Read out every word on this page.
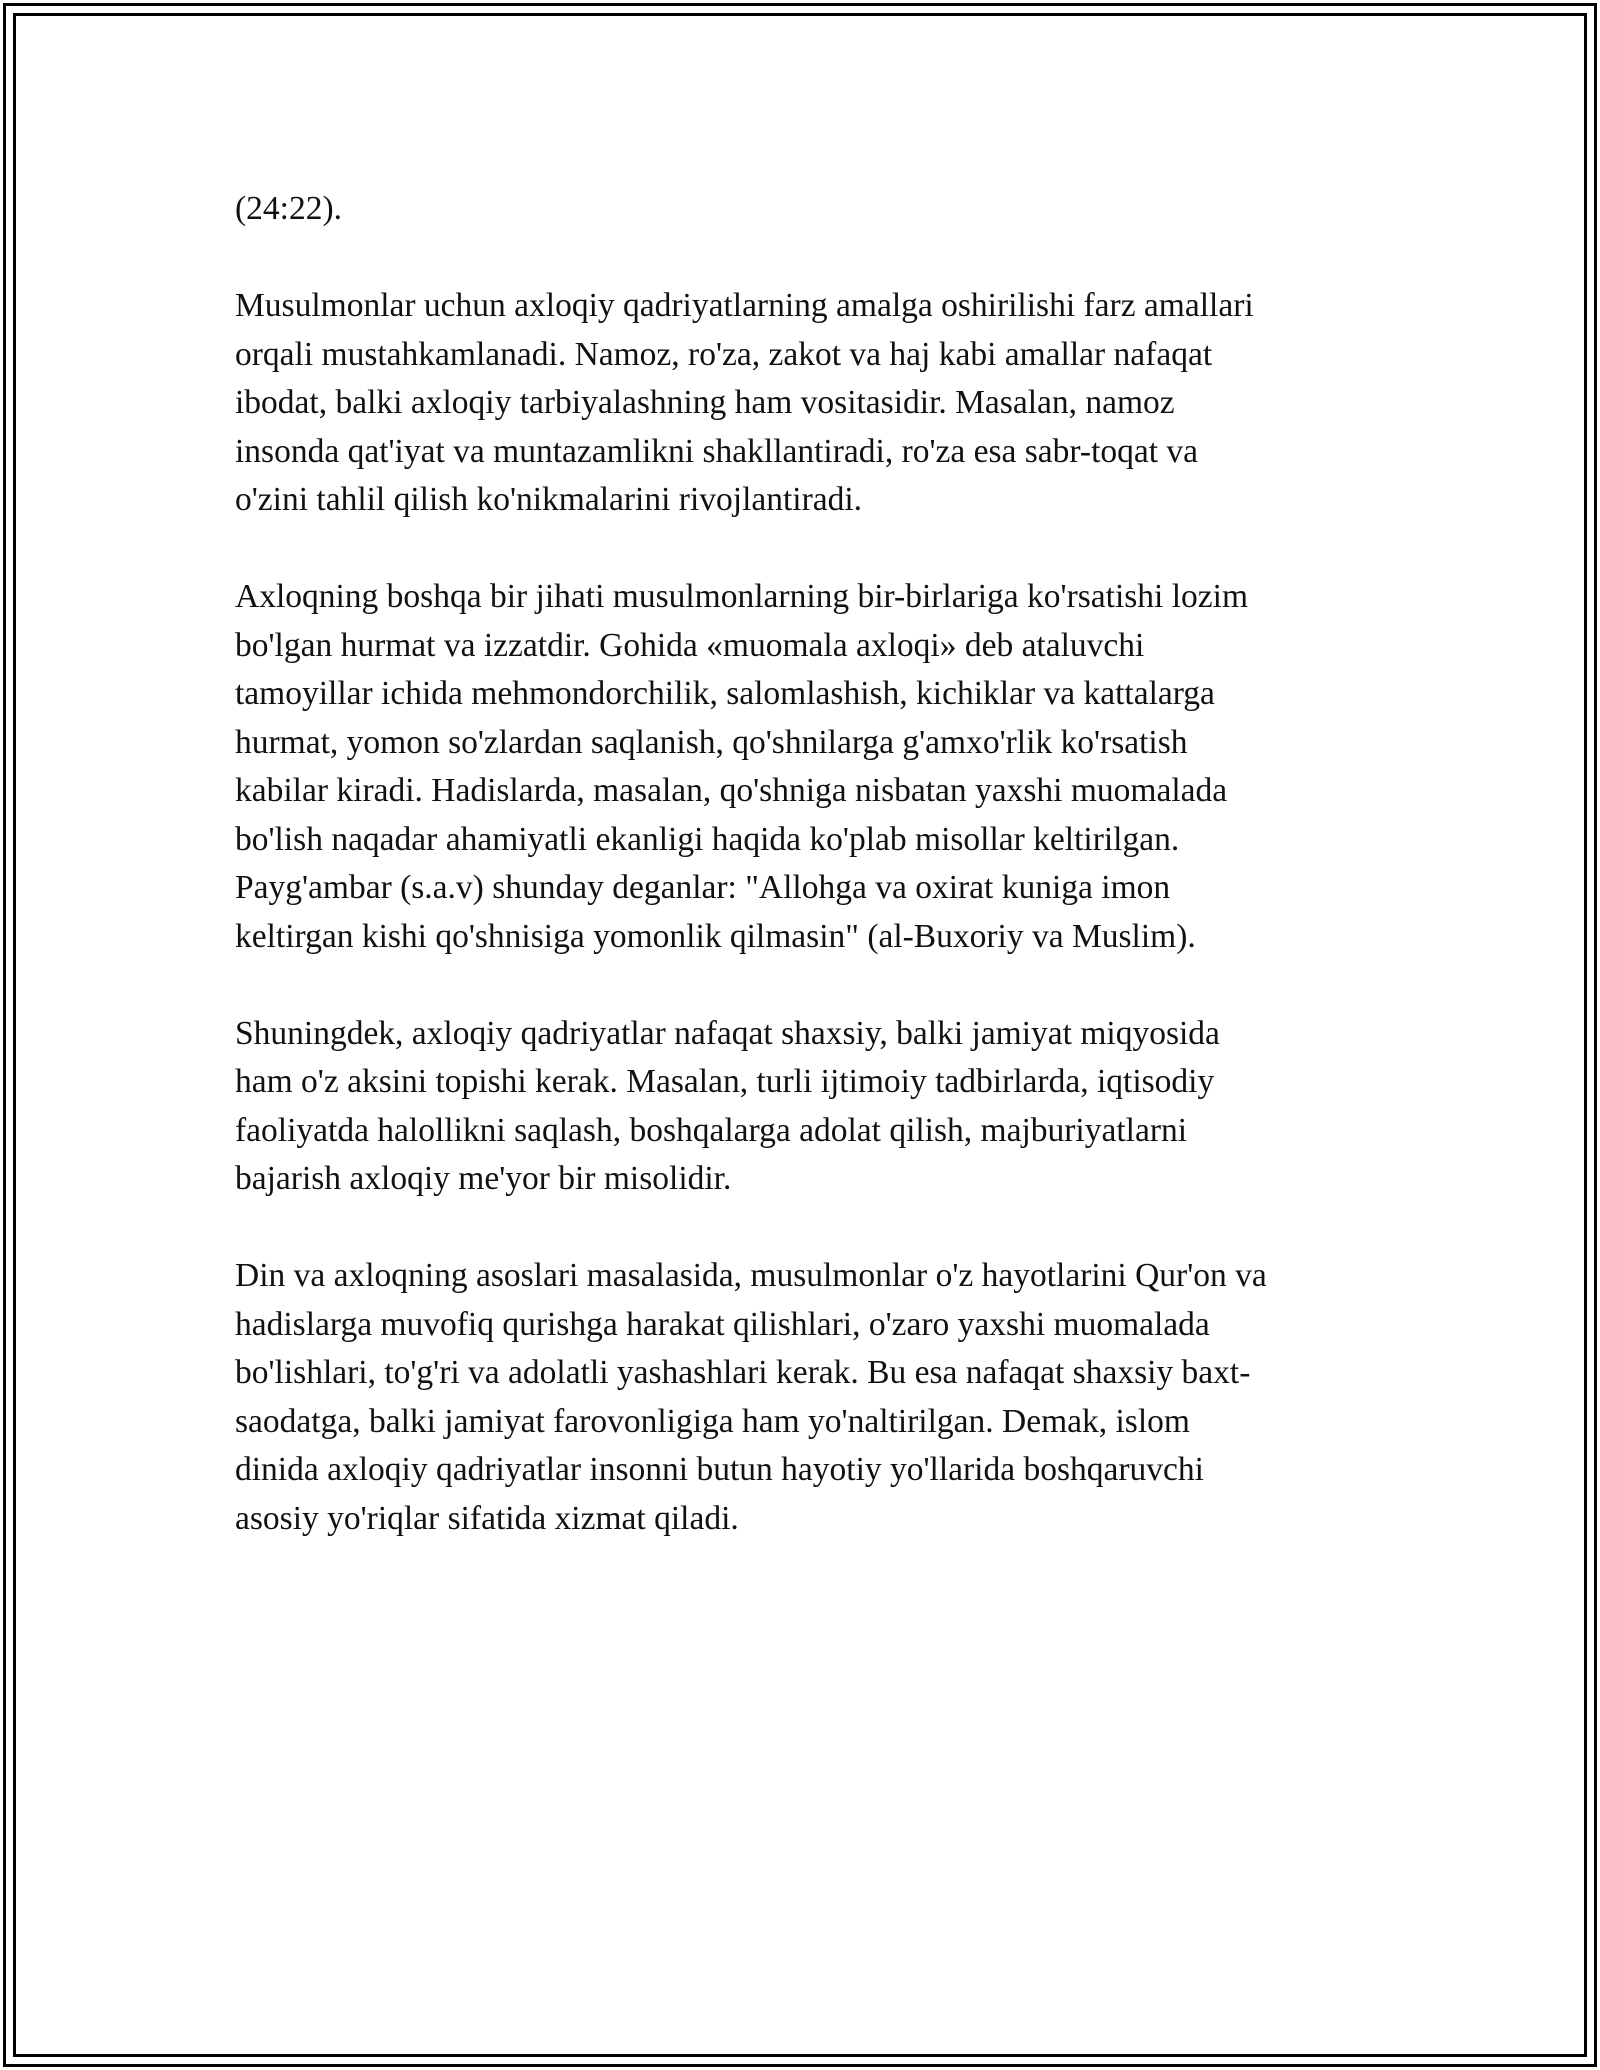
(24:22).

Musulmonlar uchun axloqiy qadriyatlarning amalga oshirilishi farz amallari
orqali mustahkamlanadi. Namoz, ro'za, zakot va haj kabi amallar nafaqat
ibodat, balki axloqiy tarbiyalashning ham vositasidir. Masalan, namoz
insonda qat'iyat va muntazamlikni shakllantiradi, ro'za esa sabr-toqat va
o'zini tahlil qilish ko'nikmalarini rivojlantiradi.

Axloqning boshqa bir jihati musulmonlarning bir-birlariga ko'rsatishi lozim
bo'lgan hurmat va izzatdir. Gohida «muomala axloqi» deb ataluvchi
tamoyillar ichida mehmondorchilik, salomlashish, kichiklar va kattalarga
hurmat, yomon so'zlardan saqlanish, qo'shnilarga g'amxo'rlik ko'rsatish
kabilar kiradi. Hadislarda, masalan, qo'shniga nisbatan yaxshi muomalada
bo'lish naqadar ahamiyatli ekanligi haqida ko'plab misollar keltirilgan.
Payg'ambar (s.a.v) shunday deganlar: "Allohga va oxirat kuniga imon
keltirgan kishi qo'shnisiga yomonlik qilmasin" (al-Buxoriy va Muslim).

Shuningdek, axloqiy qadriyatlar nafaqat shaxsiy, balki jamiyat miqyosida
ham o'z aksini topishi kerak. Masalan, turli ijtimoiy tadbirlarda, iqtisodiy
faoliyatda halollikni saqlash, boshqalarga adolat qilish, majburiyatlarni
bajarish axloqiy me'yor bir misolidir.

Din va axloqning asoslari masalasida, musulmonlar o'z hayotlarini Qur'on va
hadislarga muvofiq qurishga harakat qilishlari, o'zaro yaxshi muomalada
bo'lishlari, to'g'ri va adolatli yashashlari kerak. Bu esa nafaqat shaxsiy baxt-
saodatga, balki jamiyat farovonligiga ham yo'naltirilgan. Demak, islom
dinida axloqiy qadriyatlar insonni butun hayotiy yo'llarida boshqaruvchi
asosiy yo'riqlar sifatida xizmat qiladi.
